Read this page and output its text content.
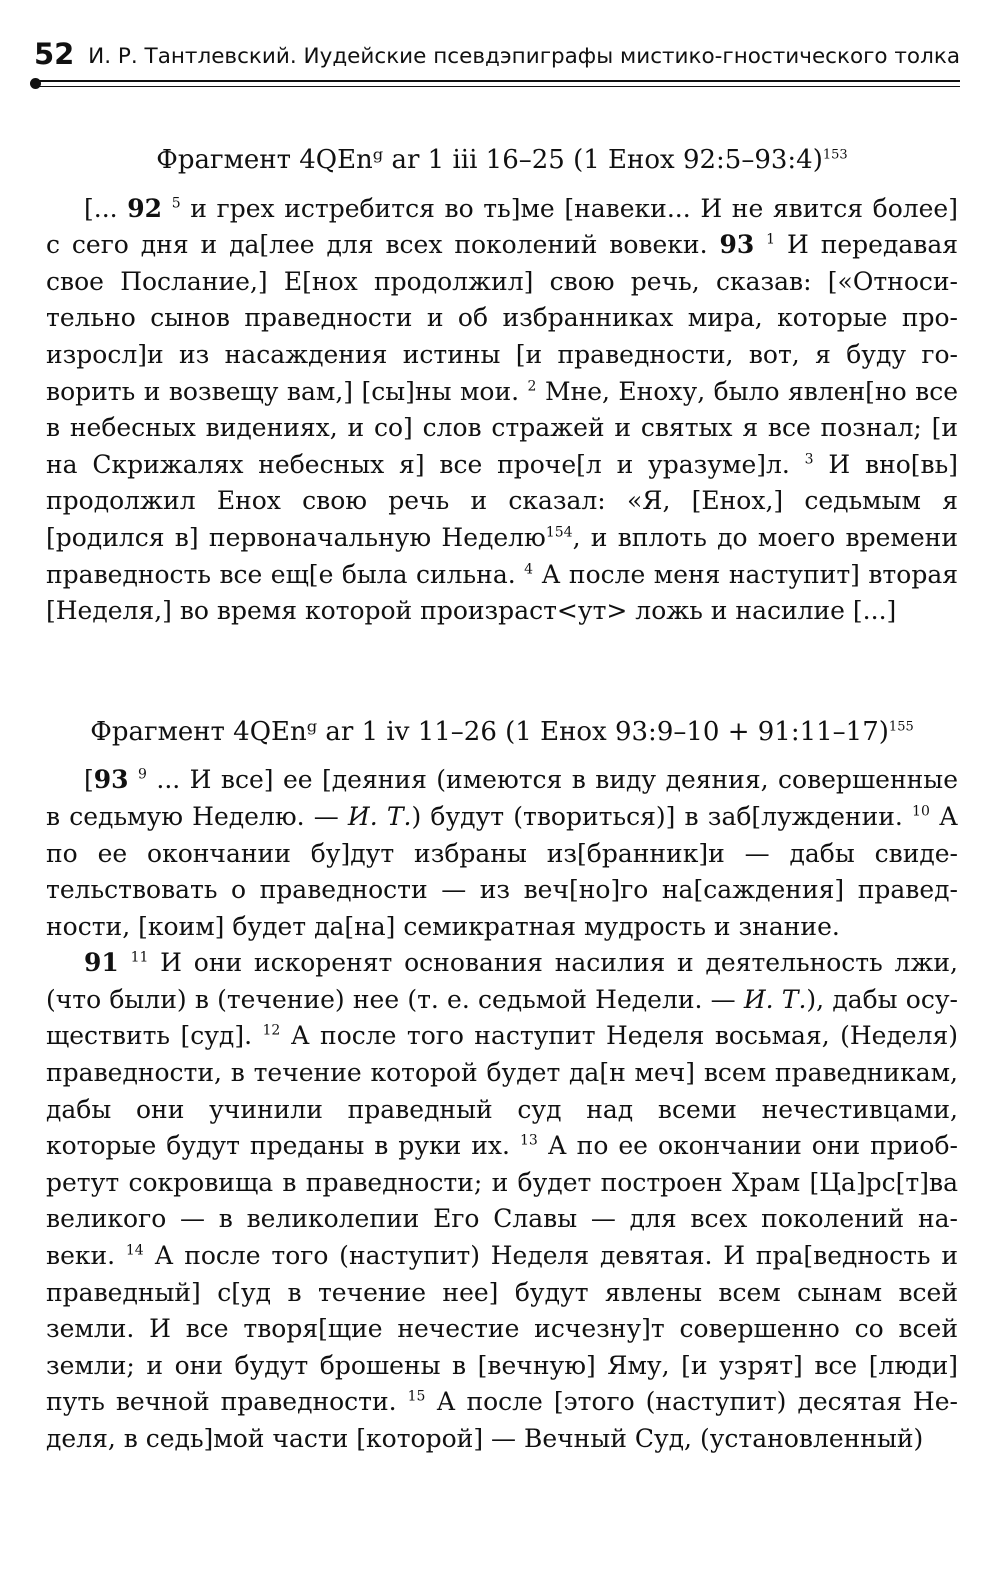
52 И. Р. Тантлевский. Иудейские псевдэпиграфы мистико-гностического толка

Фрагмент 4QEnᵍ ar 1 iii 16–25 (1 Енох 92:5–93:4)$^{153}$

[... 92 $^5$ и грех истребится во ть]ме [навеки... И не явится более] с сего дня и да[лее для всех поколений вовеки. 93 $^1$ И передавая свое Послание,] Е[нох продолжил] свою речь, сказав: [«Относительно сынов праведности и об избранниках мира, которые произросл]и из насаждения истины [и праведности, вот, я буду говорить и возвещу вам,] [сы]ны мои. $^2$ Мне, Еноху, было явлен[но все в небесных видениях, и со] слов стражей и святых я все познал; [и на Скрижалях небесных я] все проче[л и уразуме]л. $^3$ И вно[вь] продолжил Енох свою речь и сказал: «Я, [Енох,] седьмым я [родился в] первоначальную Неделю$^{154}$, и вплоть до моего времени праведность все ещ[е была сильна. $^4$ А после меня наступит] вторая [Неделя,] во время которой произраст<ут> ложь и насилие [...]

Фрагмент 4QEnᵍ ar 1 iv 11–26 (1 Енох 93:9–10 + 91:11–17)$^{155}$

[93 $^9$ ... И все] ее [деяния (имеются в виду деяния, совершенные в седьмую Неделю. — И. Т.) будут (твориться)] в заб[луждении. $^{10}$ А по ее окончании бу]дут избраны из[бранник]и — дабы свидетельствовать о праведности — из веч[но]го на[саждения] праведности, [коим] будет да[на] семикратная мудрость и знание.

91 $^{11}$ И они искоренят основания насилия и деятельность лжи, (что были) в (течение) нее (т. е. седьмой Недели. — И. Т.), дабы осуществить [суд]. $^{12}$ А после того наступит Неделя восьмая, (Неделя) праведности, в течение которой будет да[н меч] всем праведникам, дабы они учинили праведный суд над всеми нечестивцами, которые будут преданы в руки их. $^{13}$ А по ее окончании они приобретут сокровища в праведности; и будет построен Храм [Ца]рс[т]ва великого — в великолепии Его Славы — для всех поколений навеки. $^{14}$ А после того (наступит) Неделя девятая. И пра[ведность и праведный] с[уд в течение нее] будут явлены всем сынам всей земли. И все творя[щие нечестие исчезну]т совершенно со всей земли; и они будут брошены в [вечную] Яму, [и узрят] все [люди] путь вечной праведности. $^{15}$ А после [этого (наступит) десятая Неделя, в седь]мой части [которой] — Вечный Суд, (установленный)
